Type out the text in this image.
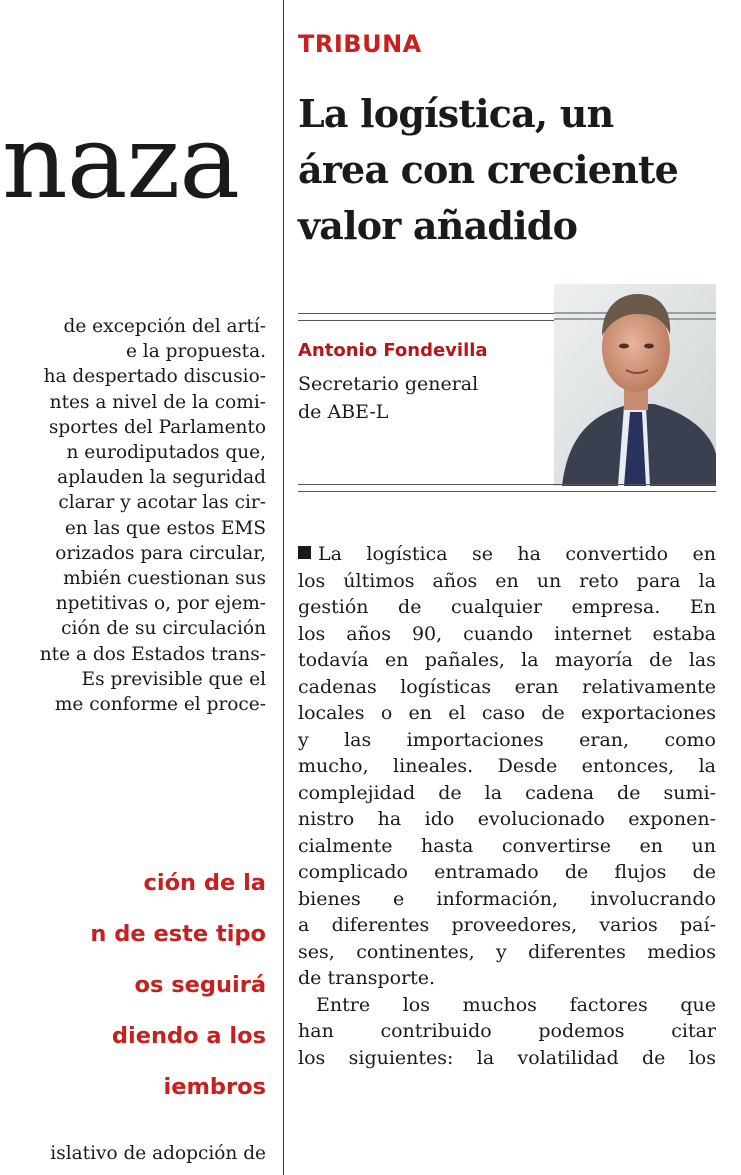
naza
de excepción del artí-
e la propuesta.
ha despertado discusio-
ntes a nivel de la comi-
sportes del Parlamento
n eurodiputados que,
aplauden la seguridad
clarar y acotar las cir-
en las que estos EMS
orizados para circular,
mbién cuestionan sus
npetitivas o, por ejem-
ción de su circulación
nte a dos Estados trans-
Es previsible que el
me conforme el proce-
ción de la
n de este tipo
os seguirá
diendo a los
iembros
islativo de adopción de
TRIBUNA
La logística, un
área con creciente
valor añadido
Antonio Fondevilla
Secretario general
de ABE-L
La logística se ha convertido en
los últimos años en un reto para la
gestión de cualquier empresa. En
los años 90, cuando internet estaba
todavía en pañales, la mayoría de las
cadenas logísticas eran relativamente
locales o en el caso de exportaciones
y las importaciones eran, como
mucho, lineales. Desde entonces, la
complejidad de la cadena de sumi-
nistro ha ido evolucionado exponen-
cialmente hasta convertirse en un
complicado entramado de flujos de
bienes e información, involucrando
a diferentes proveedores, varios paí-
ses, continentes, y diferentes medios
de transporte.
Entre los muchos factores que
han contribuido podemos citar
los siguientes: la volatilidad de los
